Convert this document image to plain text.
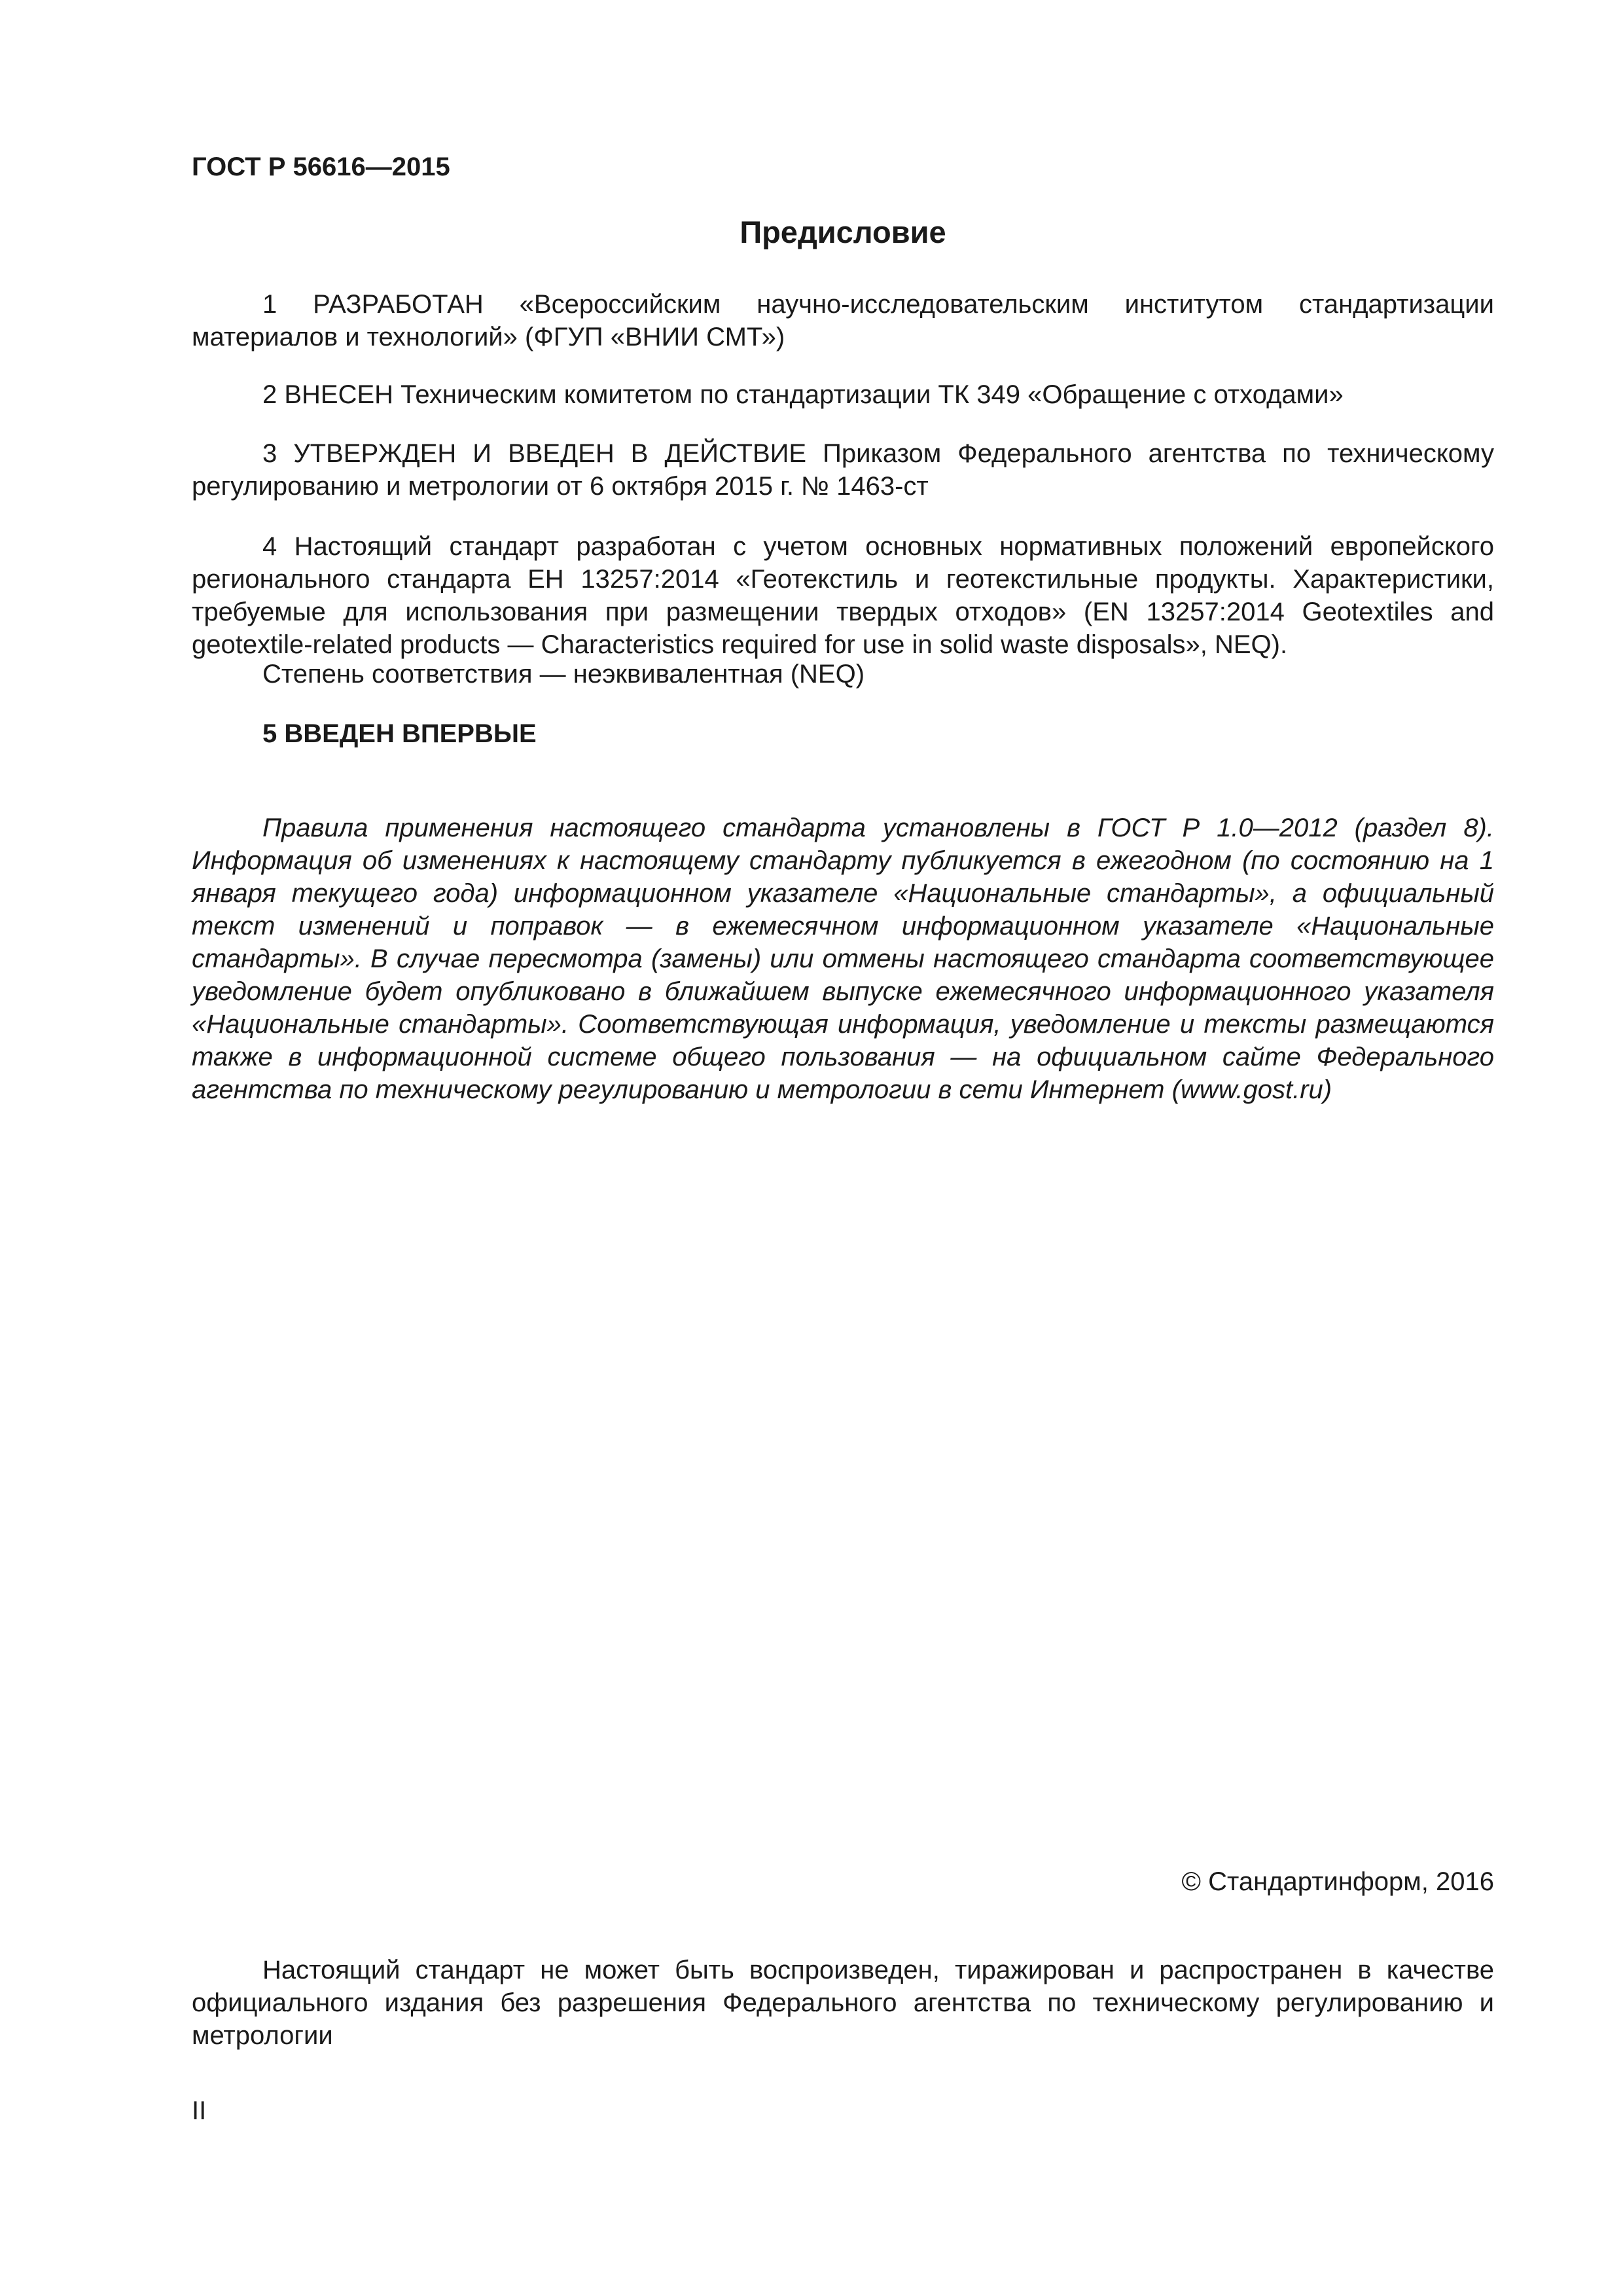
ГОСТ Р 56616—2015
Предисловие

1 РАЗРАБОТАН «Всероссийским научно-исследовательским институтом стандартизации материалов и технологий» (ФГУП «ВНИИ СМТ»)

2 ВНЕСЕН Техническим комитетом по стандартизации ТК 349 «Обращение с отходами»

3 УТВЕРЖДЕН И ВВЕДЕН В ДЕЙСТВИЕ Приказом Федерального агентства по техническому регулированию и метрологии от 6 октября 2015 г. № 1463-ст

4 Настоящий стандарт разработан с учетом основных нормативных положений европейского регионального стандарта ЕН 13257:2014 «Геотекстиль и геотекстильные продукты. Характеристики, требуемые для использования при размещении твердых отходов» (EN 13257:2014 Geotextiles and geotextile-related products — Characteristics required for use in solid waste disposals», NEQ).

Степень соответствия — неэквивалентная (NEQ)

5 ВВЕДЕН ВПЕРВЫЕ

Правила применения настоящего стандарта установлены в ГОСТ Р 1.0—2012 (раздел 8). Информация об изменениях к настоящему стандарту публикуется в ежегодном (по состоянию на 1 января текущего года) информационном указателе «Национальные стандарты», а официальный текст изменений и поправок — в ежемесячном информационном указателе «Национальные стандарты». В случае пересмотра (замены) или отмены настоящего стандарта соответствующее уведомление будет опубликовано в ближайшем выпуске ежемесячного информационного указателя «Национальные стандарты». Соответствующая информация, уведомление и тексты размещаются также в информационной системе общего пользования — на официальном сайте Федерального агентства по техническому регулированию и метрологии в сети Интернет (www.gost.ru)

© Стандартинформ, 2016

Настоящий стандарт не может быть воспроизведен, тиражирован и распространен в качестве официального издания без разрешения Федерального агентства по техническому регулированию и метрологии

II
